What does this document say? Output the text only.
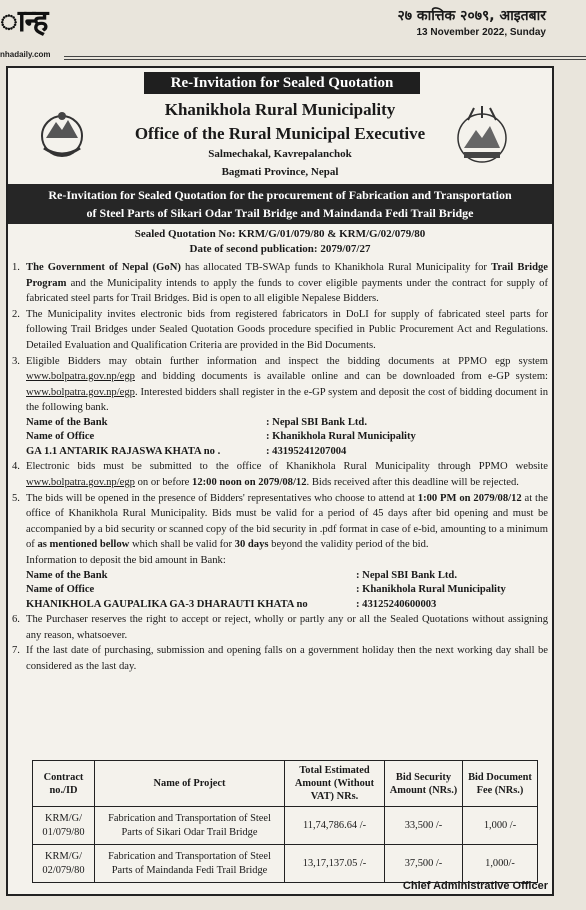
ान्ह
nhadaily.com
२७ कात्तिक २०७९, आइतबार
13 November 2022, Sunday
Re-Invitation for Sealed Quotation
Khanikhola Rural Municipality
Office of the Rural Municipal Executive
Salmechakal, Kavrepalanchok
Bagmati Province, Nepal
Re-Invitation for Sealed Quotation for the procurement of Fabrication and Transportation
of Steel Parts of Sikari Odar Trail Bridge and Maindanda Fedi Trail Bridge
Sealed Quotation No: KRM/G/01/079/80 & KRM/G/02/079/80
Date of second publication: 2079/07/27
1. The Government of Nepal (GoN) has allocated TB-SWAp funds to Khanikhola Rural Municipality for Trail Bridge Program and the Municipality intends to apply the funds to cover eligible payments under the contract for supply of fabricated steel parts for Trail Bridges. Bid is open to all eligible Nepalese Bidders.
2. The Municipality invites electronic bids from registered fabricators in DoLI for supply of fabricated steel parts for following Trail Bridges under Sealed Quotation Goods procedure specified in Public Procurement Act and Regulations. Detailed Evaluation and Qualification Criteria are provided in the Bid Documents.
3. Eligible Bidders may obtain further information and inspect the bidding documents at PPMO egp system www.bolpatra.gov.np/egp and bidding documents is available online and can be downloaded from e-GP system: www.bolpatra.gov.np/egp. Interested bidders shall register in the e-GP system and deposit the cost of bidding document in the following bank.
Name of the Bank	: Nepal SBI Bank Ltd.
Name of Office	: Khanikhola Rural Municipality
GA 1.1 ANTARIK RAJASWA KHATA no .	: 43195241207004
4. Electronic bids must be submitted to the office of Khanikhola Rural Municipality through PPMO website www.bolpatra.gov.np/egp on or before 12:00 noon on 2079/08/12. Bids received after this deadline will be rejected.
5. The bids will be opened in the presence of Bidders' representatives who choose to attend at 1:00 PM on 2079/08/12 at the office of Khanikhola Rural Municipality. Bids must be valid for a period of 45 days after bid opening and must be accompanied by a bid security or scanned copy of the bid security in .pdf format in case of e-bid, amounting to a minimum of as mentioned bellow which shall be valid for 30 days beyond the validity period of the bid.
Information to deposit the bid amount in Bank:
Name of the Bank	: Nepal SBI Bank Ltd.
Name of Office	: Khanikhola Rural Municipality
KHANIKHOLA GAUPALIKA GA-3 DHARAUTI KHATA no	: 43125240600003
6. The Purchaser reserves the right to accept or reject, wholly or partly any or all the Sealed Quotations without assigning any reason, whatsoever.
7. If the last date of purchasing, submission and opening falls on a government holiday then the next working day shall be considered as the last day.
Contract no./ID	Name of Project	Total Estimated Amount (Without VAT) NRs.	Bid Security Amount (NRs.)	Bid Document Fee (NRs.)
KRM/G/ 01/079/80	Fabrication and Transportation of Steel Parts of Sikari Odar Trail Bridge	11,74,786.64 /-	33,500 /-	1,000 /-
KRM/G/ 02/079/80	Fabrication and Transportation of Steel Parts of Maindanda Fedi Trail Bridge	13,17,137.05 /-	37,500 /-	1,000/-
Chief Administrative Officer
